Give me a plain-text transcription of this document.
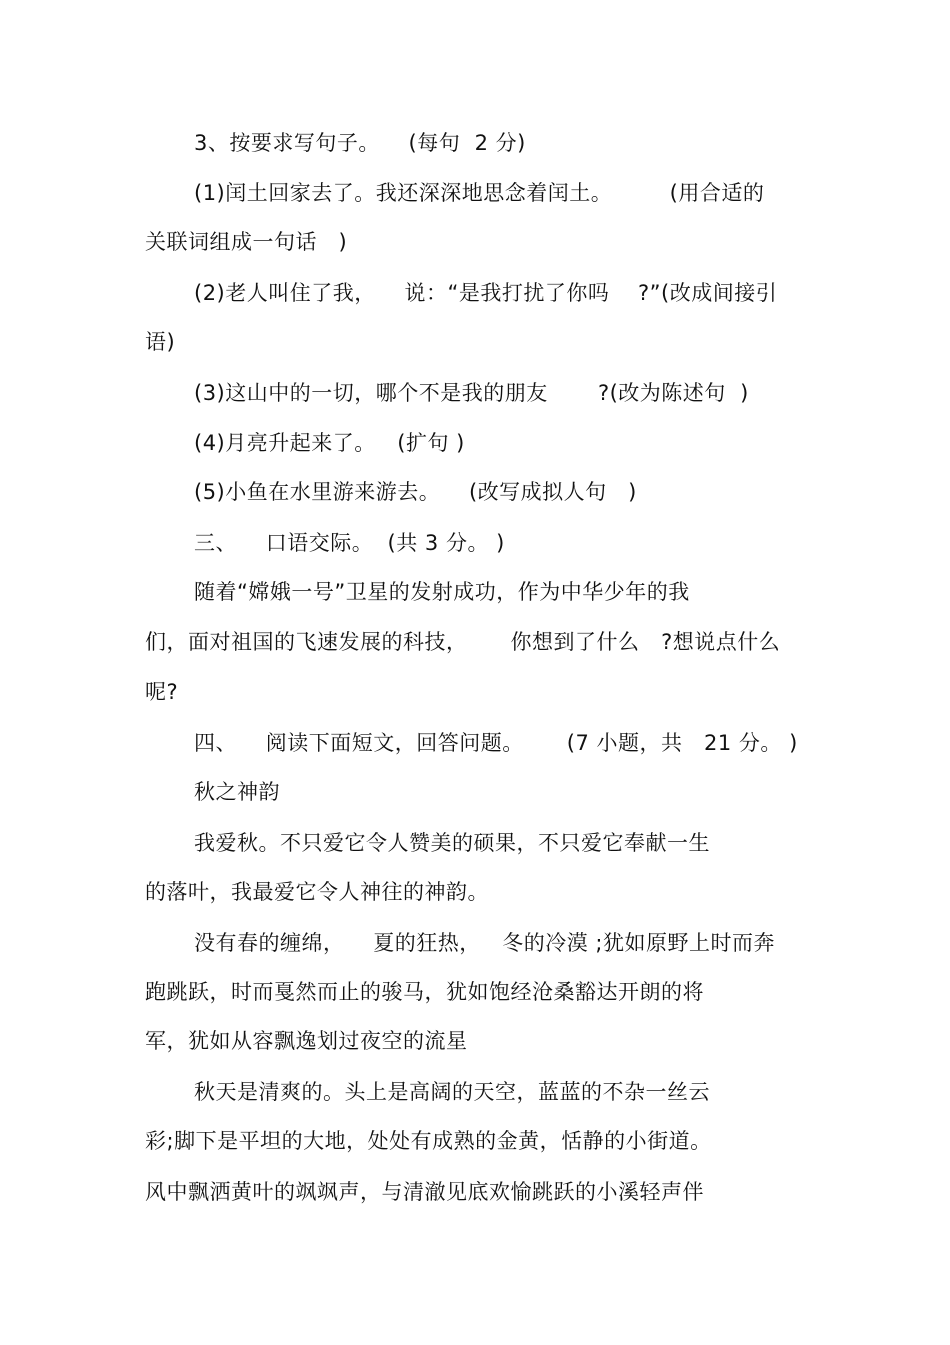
3、按要求写句子。    (每句  2 分)
(1)闰土回家去了。我还深深地思念着闰土。        (用合适的
关联词组成一句话   )
(2)老人叫住了我，    说：“是我打扰了你吗    ?”(改成间接引
语)
(3)这山中的一切，哪个不是我的朋友       ?(改为陈述句  )
(4)月亮升起来了。   (扩句 )
(5)小鱼在水里游来游去。    (改写成拟人句   )
三、    口语交际。  (共 3 分。 )
随着“嫦娥一号”卫星的发射成功，作为中华少年的我
们，面对祖国的飞速发展的科技，      你想到了什么   ?想说点什么
呢?
四、    阅读下面短文，回答问题。      (7 小题，共   21 分。 )
秋之神韵
我爱秋。不只爱它令人赞美的硕果，不只爱它奉献一生
的落叶，我最爱它令人神往的神韵。
没有春的缠绵，    夏的狂热，   冬的冷漠 ;犹如原野上时而奔
跑跳跃，时而戛然而止的骏马，犹如饱经沧桑豁达开朗的将
军，犹如从容飘逸划过夜空的流星
秋天是清爽的。头上是高阔的天空，蓝蓝的不杂一丝云
彩;脚下是平坦的大地，处处有成熟的金黄，恬静的小街道。
风中飘洒黄叶的飒飒声，与清澈见底欢愉跳跃的小溪轻声伴
